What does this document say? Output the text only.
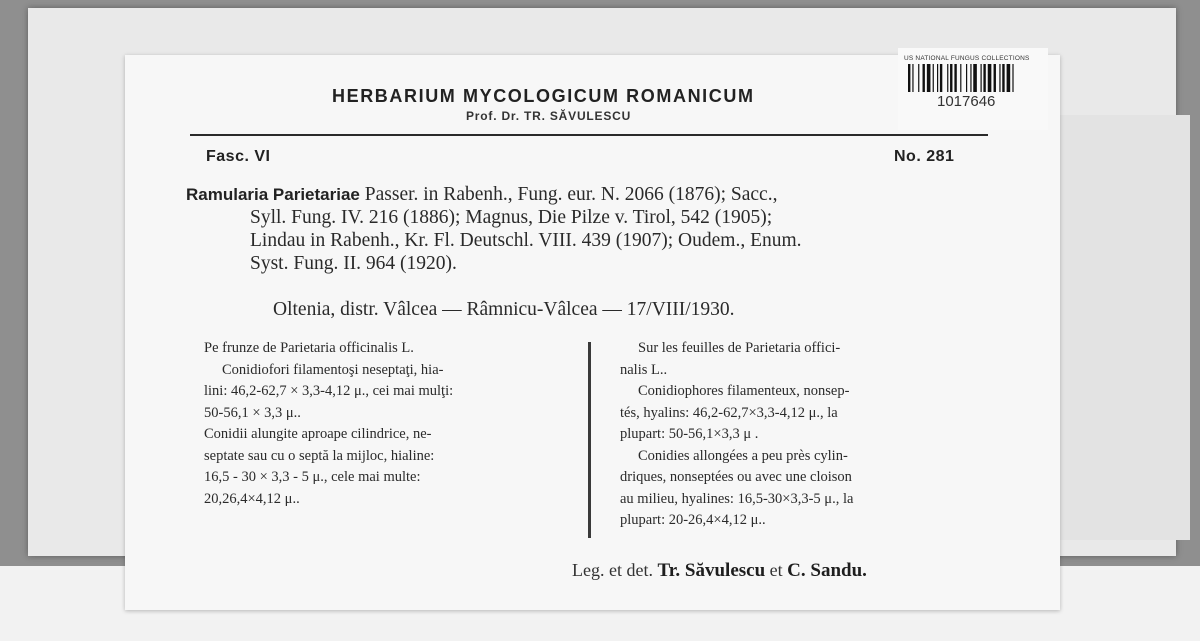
US NATIONAL FUNGUS COLLECTIONS
1017646
HERBARIUM MYCOLOGICUM ROMANICUM
Prof. Dr. TR. SĂVULESCU
Fasc. VI	No. 281
Ramularia Parietariae Passer. in Rabenh., Fung. eur. N. 2066 (1876); Sacc.,
Syll. Fung. IV. 216 (1886); Magnus, Die Pilze v. Tirol, 542 (1905);
Lindau in Rabenh., Kr. Fl. Deutschl. VIII. 439 (1907); Oudem., Enum.
Syst. Fung. II. 964 (1920).
Oltenia, distr. Vâlcea — Râmnicu-Vâlcea — 17/VIII/1930.
Pe frunze de Parietaria officinalis L.
Conidiofori filamentoşi neseptaţi, hia-
lini: 46,2-62,7 × 3,3-4,12 μ., cei mai mulţi:
50-56,1 × 3,3 μ..
Conidii alungite aproape cilindrice, ne-
septate sau cu o septă la mijloc, hialine:
16,5 - 30 × 3,3 - 5 μ., cele mai multe:
20,26,4×4,12 μ..
Sur les feuilles de Parietaria offici-
nalis L..
Conidiophores filamenteux, nonsep-
tés, hyalins: 46,2-62,7×3,3-4,12 μ., la
plupart: 50-56,1×3,3 μ .
Conidies allongées a peu près cylin-
driques, nonseptées ou avec une cloison
au milieu, hyalines: 16,5-30×3,3-5 μ., la
plupart: 20-26,4×4,12 μ..
Leg. et det. Tr. Săvulescu et C. Sandu.
